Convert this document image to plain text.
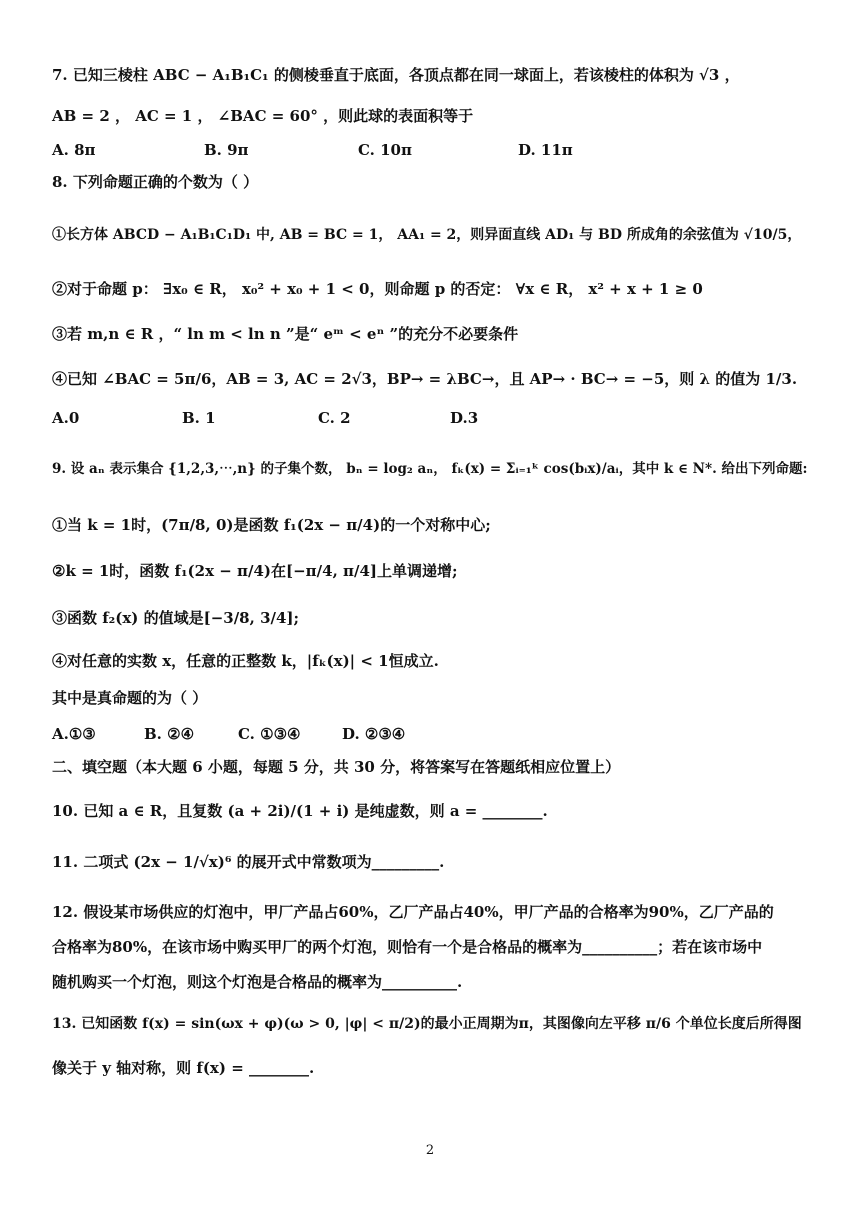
7. 已知三棱柱 ABC − A₁B₁C₁ 的侧棱垂直于底面，各顶点都在同一球面上，若该棱柱的体积为 √3 ，
AB = 2 ， AC = 1 ， ∠BAC = 60° ，则此球的表面积等于
A. 8π	B. 9π	C. 10π	D. 11π
8. 下列命题正确的个数为（ ）
①长方体 ABCD − A₁B₁C₁D₁ 中, AB = BC = 1， AA₁ = 2，则异面直线 AD₁ 与 BD 所成角的余弦值为 √10/5，
②对于命题 p： ∃x₀ ∈ R， x₀² + x₀ + 1 < 0，则命题 p 的否定： ∀x ∈ R， x² + x + 1 ≥ 0
③若 m,n ∈ R ，“ ln m < ln n ”是“ eᵐ < eⁿ ”的充分不必要条件
④已知 ∠BAC = 5π/6，AB = 3, AC = 2√3，BP→ = λBC→，且 AP→ · BC→ = −5，则 λ 的值为 1/3.
A.0	B. 1	C. 2	D.3
9. 设 aₙ 表示集合 {1,2,3,⋯,n} 的子集个数， bₙ = log₂ aₙ， fₖ(x) = Σᵢ₌₁ᵏ cos(bᵢx)/aᵢ，其中 k ∈ N*. 给出下列命题:
①当 k = 1时，(7π/8, 0)是函数 f₁(2x − π/4)的一个对称中心;
②k = 1时，函数 f₁(2x − π/4)在[−π/4, π/4]上单调递增;
③函数 f₂(x) 的值域是[−3/8, 3/4];
④对任意的实数 x，任意的正整数 k，|fₖ(x)| < 1恒成立.
其中是真命题的为（ ）
A.①③	B. ②④	C. ①③④	D. ②③④
二、填空题（本大题 6 小题，每题 5 分，共 30 分，将答案写在答题纸相应位置上）
10. 已知 a ∈ R，且复数 (a + 2i)/(1 + i) 是纯虚数，则 a = ________.
11. 二项式 (2x − 1/√x)⁶ 的展开式中常数项为_________.
12. 假设某市场供应的灯泡中，甲厂产品占60%，乙厂产品占40%，甲厂产品的合格率为90%，乙厂产品的
合格率为80%，在该市场中购买甲厂的两个灯泡，则恰有一个是合格品的概率为__________；若在该市场中
随机购买一个灯泡，则这个灯泡是合格品的概率为__________.
13. 已知函数 f(x) = sin(ωx + φ)(ω > 0, |φ| < π/2)的最小正周期为π，其图像向左平移 π/6 个单位长度后所得图
像关于 y 轴对称，则 f(x) = ________.
2
